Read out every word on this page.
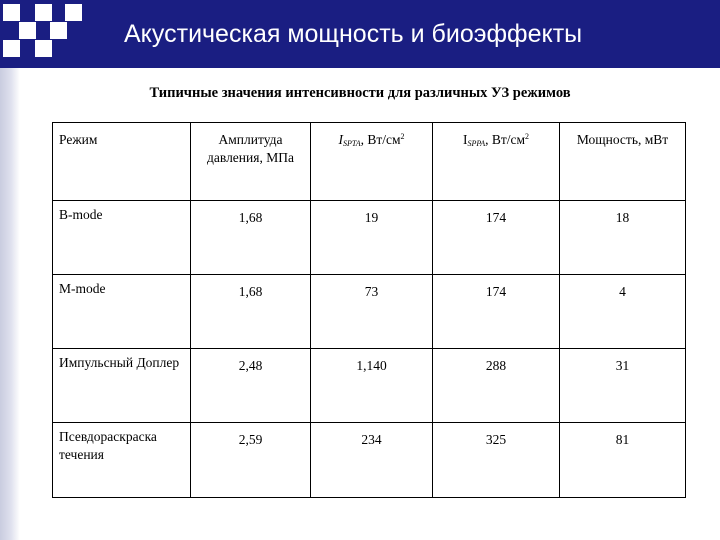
Акустическая мощность и биоэффекты
Типичные значения интенсивности для различных УЗ режимов
Режим	Амплитуда давления, МПа	$I_{SPTA}$, $Вт/см^2$	$I_{SPPA}$, $Вт/см^2$	Мощность, мВт
B-mode	1,68	19	174	18
M-mode	1,68	73	174	4
Импульсный Доплер	2,48	1,140	288	31
Псевдораскраска течения	2,59	234	325	81
